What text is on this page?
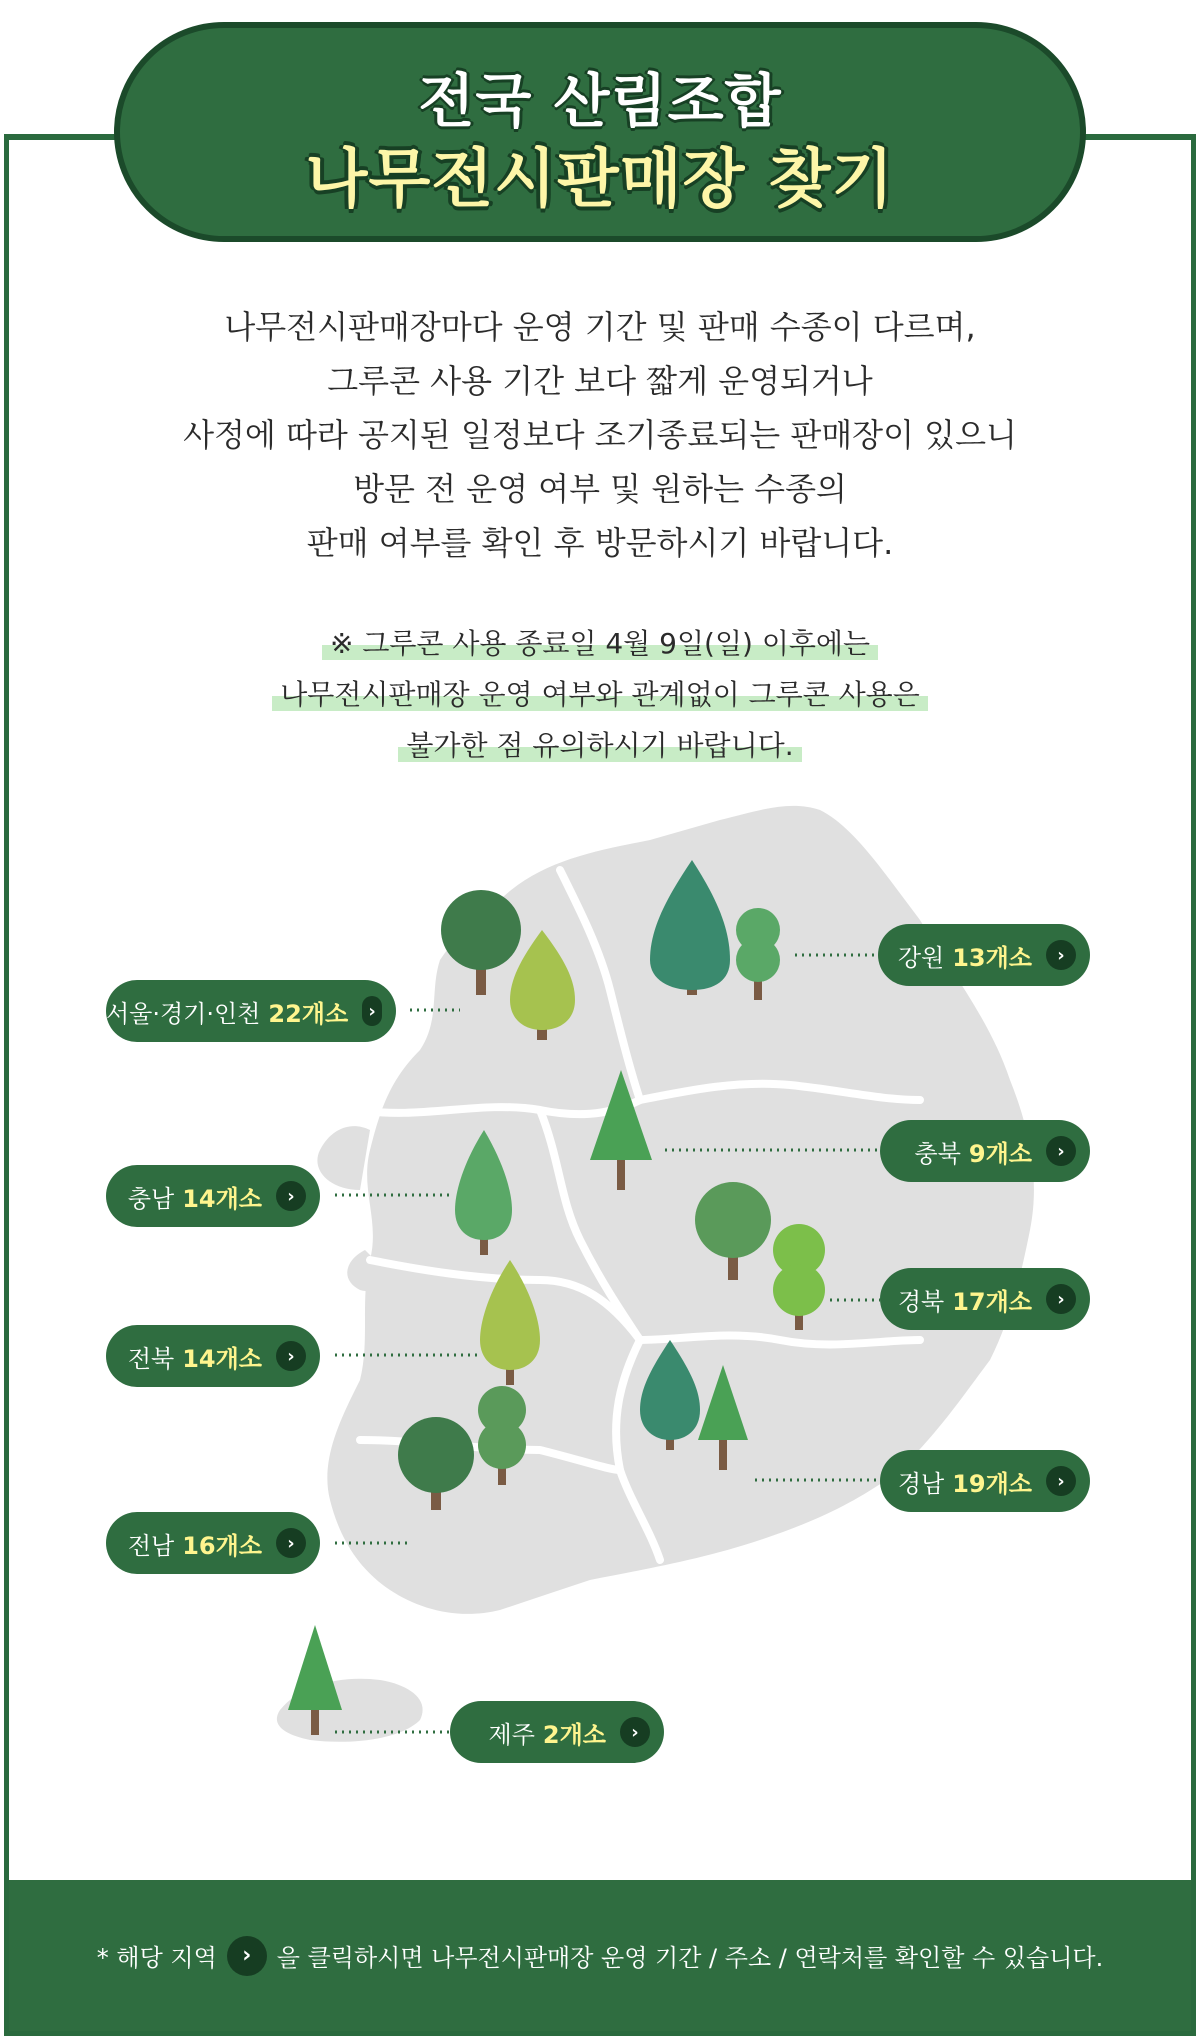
전국 산림조합
나무전시판매장 찾기
나무전시판매장마다 운영 기간 및 판매 수종이 다르며,
그루콘 사용 기간 보다 짧게 운영되거나
사정에 따라 공지된 일정보다 조기종료되는 판매장이 있으니
방문 전 운영 여부 및 원하는 수종의
판매 여부를 확인 후 방문하시기 바랍니다.
※ 그루콘 사용 종료일 4월 9일(일) 이후에는
나무전시판매장 운영 여부와 관계없이 그루콘 사용은
불가한 점 유의하시기 바랍니다.
서울·경기·인천 22개소	›
강원 13개소	›
충북 9개소	›
충남 14개소	›
경북 17개소	›
전북 14개소	›
경남 19개소	›
전남 16개소	›
제주 2개소	›
* 해당 지역	›	을 클릭하시면 나무전시판매장 운영 기간 / 주소 / 연락처를 확인할 수 있습니다.
